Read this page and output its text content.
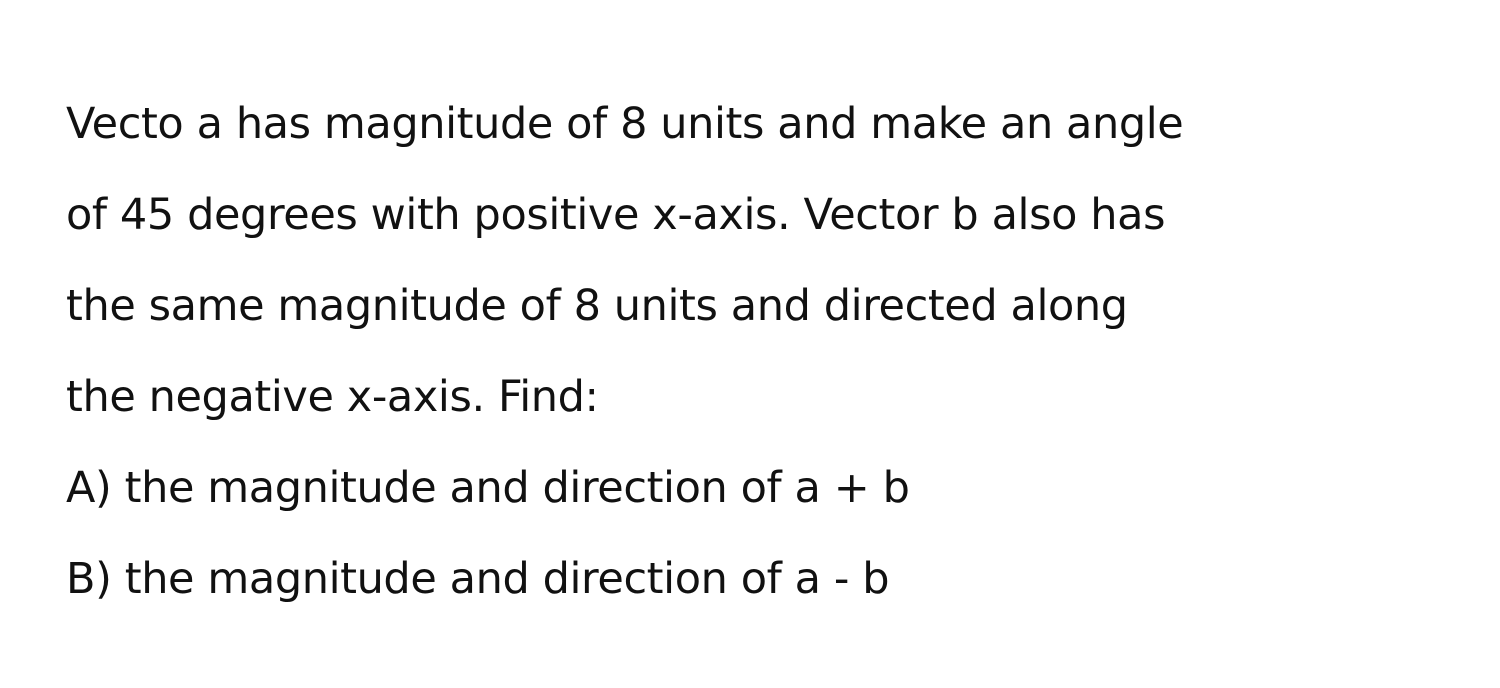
Vecto a has magnitude of 8 units and make an angle
of 45 degrees with positive x-axis. Vector b also has
the same magnitude of 8 units and directed along
the negative x-axis. Find:
A) the magnitude and direction of a + b
B) the magnitude and direction of a - b
